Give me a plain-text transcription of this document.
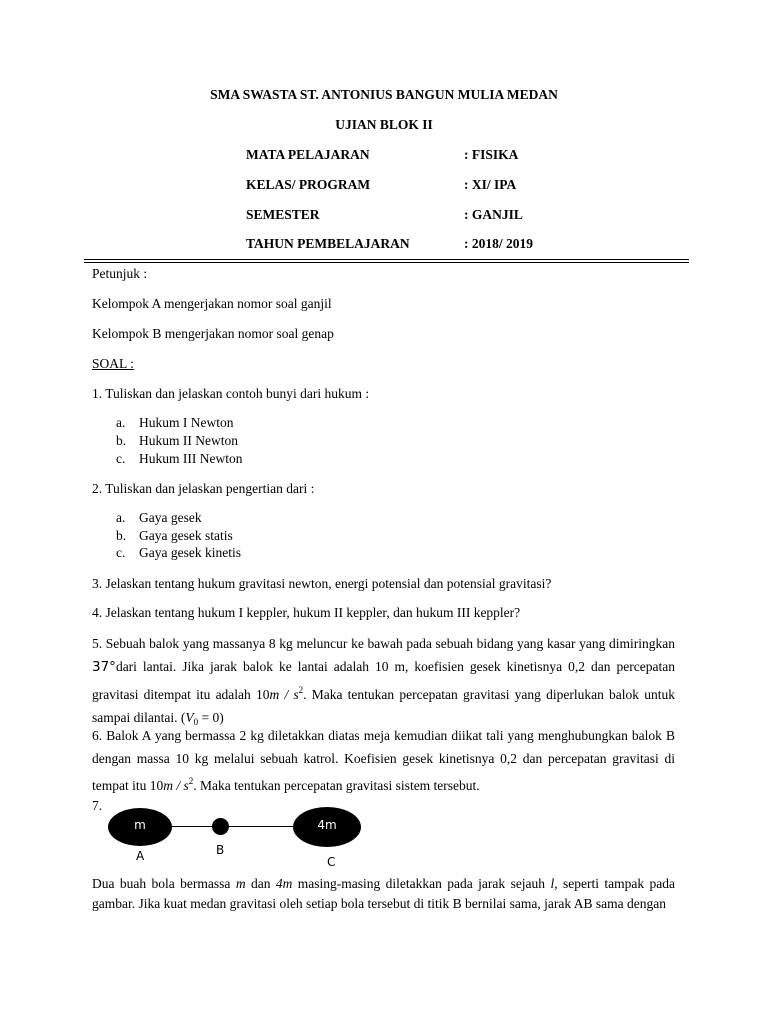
SMA SWASTA ST. ANTONIUS BANGUN MULIA MEDAN
UJIAN BLOK II
MATA PELAJARAN	: FISIKA
KELAS/ PROGRAM	: XI/ IPA
SEMESTER	: GANJIL
TAHUN PEMBELAJARAN	: 2018/ 2019
Petunjuk :
Kelompok A mengerjakan nomor soal ganjil
Kelompok B mengerjakan nomor soal genap
SOAL :
1. Tuliskan dan jelaskan contoh bunyi dari hukum :
a. Hukum I Newton
b. Hukum II Newton
c. Hukum III Newton
2. Tuliskan dan jelaskan pengertian dari :
a. Gaya gesek
b. Gaya gesek statis
c. Gaya gesek kinetis
3. Jelaskan tentang hukum gravitasi newton, energi potensial dan potensial gravitasi?
4. Jelaskan tentang hukum I keppler, hukum II keppler, dan hukum III keppler?
5. Sebuah balok yang massanya 8 kg meluncur ke bawah pada sebuah bidang yang kasar yang dimiringkan 37°dari lantai. Jika jarak balok ke lantai adalah 10 m, koefisien gesek kinetisnya 0,2 dan percepatan gravitasi ditempat itu adalah $10m / s^2$. Maka tentukan percepatan gravitasi yang diperlukan balok untuk sampai dilantai. $(V_0 = 0)$
6. Balok A yang bermassa 2 kg diletakkan diatas meja kemudian diikat tali yang menghubungkan balok B dengan massa 10 kg melalui sebuah katrol. Koefisien gesek kinetisnya 0,2 dan percepatan gravitasi di tempat itu $10m / s^2$. Maka tentukan percepatan gravitasi sistem tersebut.
7.
m	4m
A	B
C
Dua buah bola bermassa m dan 4m masing-masing diletakkan pada jarak sejauh l, seperti tampak pada gambar. Jika kuat medan gravitasi oleh setiap bola tersebut di titik B bernilai sama, jarak AB sama dengan
